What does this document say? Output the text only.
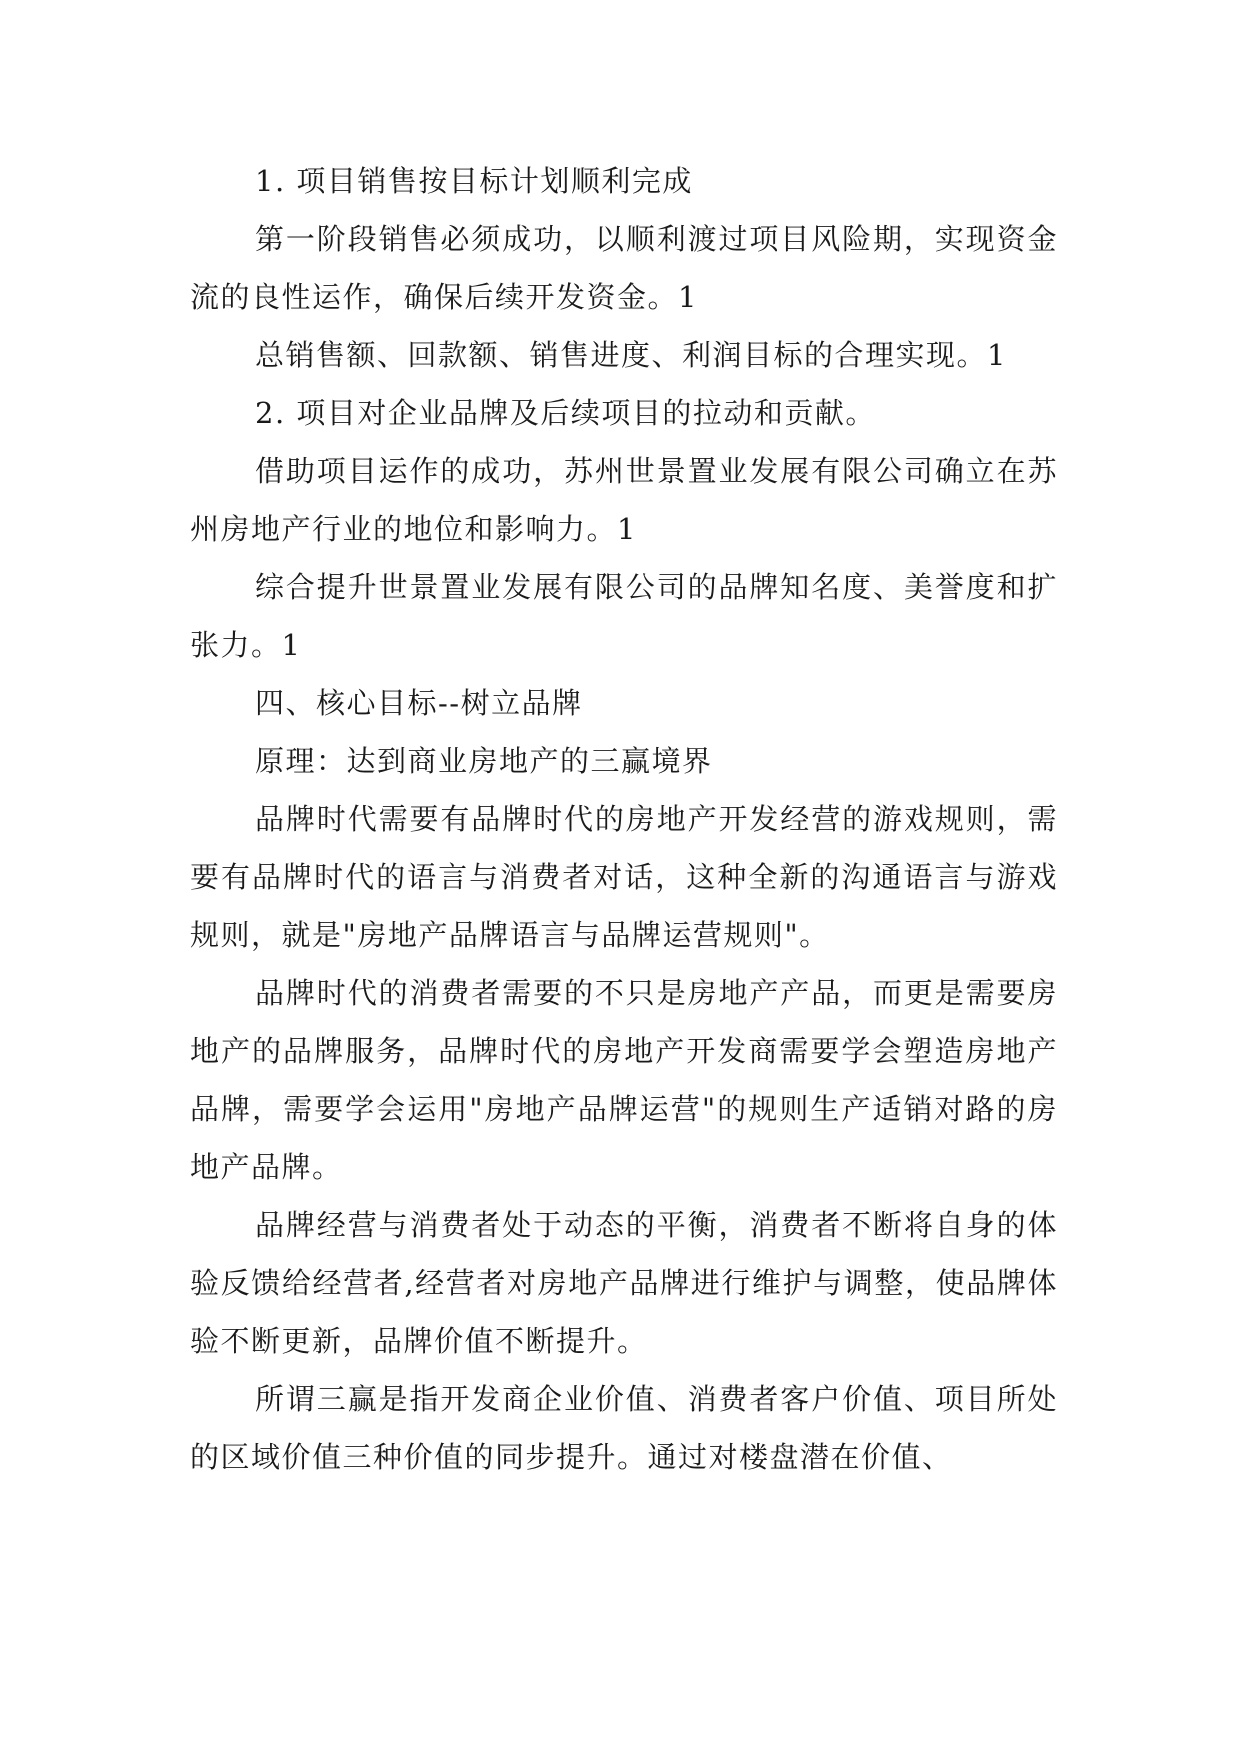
1. 项目销售按目标计划顺利完成

第一阶段销售必须成功，以顺利渡过项目风险期，实现资金流的良性运作，确保后续开发资金。1

总销售额、回款额、销售进度、利润目标的合理实现。1

2. 项目对企业品牌及后续项目的拉动和贡献。

借助项目运作的成功，苏州世景置业发展有限公司确立在苏州房地产行业的地位和影响力。1

综合提升世景置业发展有限公司的品牌知名度、美誉度和扩张力。1

四、核心目标--树立品牌

原理：达到商业房地产的三赢境界

品牌时代需要有品牌时代的房地产开发经营的游戏规则，需要有品牌时代的语言与消费者对话，这种全新的沟通语言与游戏规则，就是"房地产品牌语言与品牌运营规则"。

品牌时代的消费者需要的不只是房地产产品，而更是需要房地产的品牌服务，品牌时代的房地产开发商需要学会塑造房地产品牌，需要学会运用"房地产品牌运营"的规则生产适销对路的房地产品牌。

品牌经营与消费者处于动态的平衡，消费者不断将自身的体验反馈给经营者,经营者对房地产品牌进行维护与调整，使品牌体验不断更新，品牌价值不断提升。

所谓三赢是指开发商企业价值、消费者客户价值、项目所处的区域价值三种价值的同步提升。通过对楼盘潜在价值、
